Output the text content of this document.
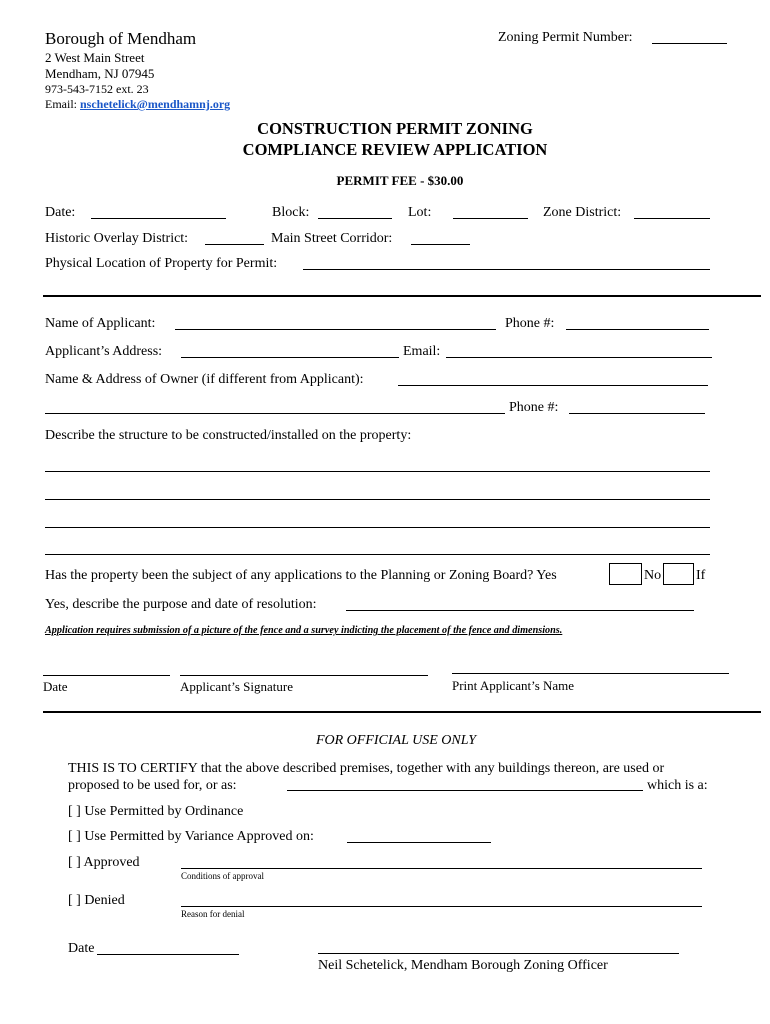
Borough of Mendham
2 West Main Street
Mendham, NJ 07945
973-543-7152 ext. 23
Email: nschetelick@mendhamnj.org
Zoning Permit Number:
CONSTRUCTION PERMIT ZONING
COMPLIANCE REVIEW APPLICATION
PERMIT FEE - $30.00
Date:	Block:	Lot:	Zone District:
Historic Overlay District:	Main Street Corridor:
Physical Location of Property for Permit:
Name of Applicant:	Phone #:
Applicant’s Address:	Email:
Name & Address of Owner (if different from Applicant):
Phone #:
Describe the structure to be constructed/installed on the property:
Has the property been the subject of any applications to the Planning or Zoning Board? Yes	No If
Yes, describe the purpose and date of resolution:
Application requires submission of a picture of the fence and a survey indicting the placement of the fence and dimensions.
Date	Applicant’s Signature	Print Applicant’s Name
FOR OFFICIAL USE ONLY
THIS IS TO CERTIFY that the above described premises, together with any buildings thereon, are used or
proposed to be used for, or as:	which is a:
[ ] Use Permitted by Ordinance
[ ] Use Permitted by Variance Approved on:
[ ] Approved
Conditions of approval
[ ] Denied
Reason for denial
Date
Neil Schetelick, Mendham Borough Zoning Officer
